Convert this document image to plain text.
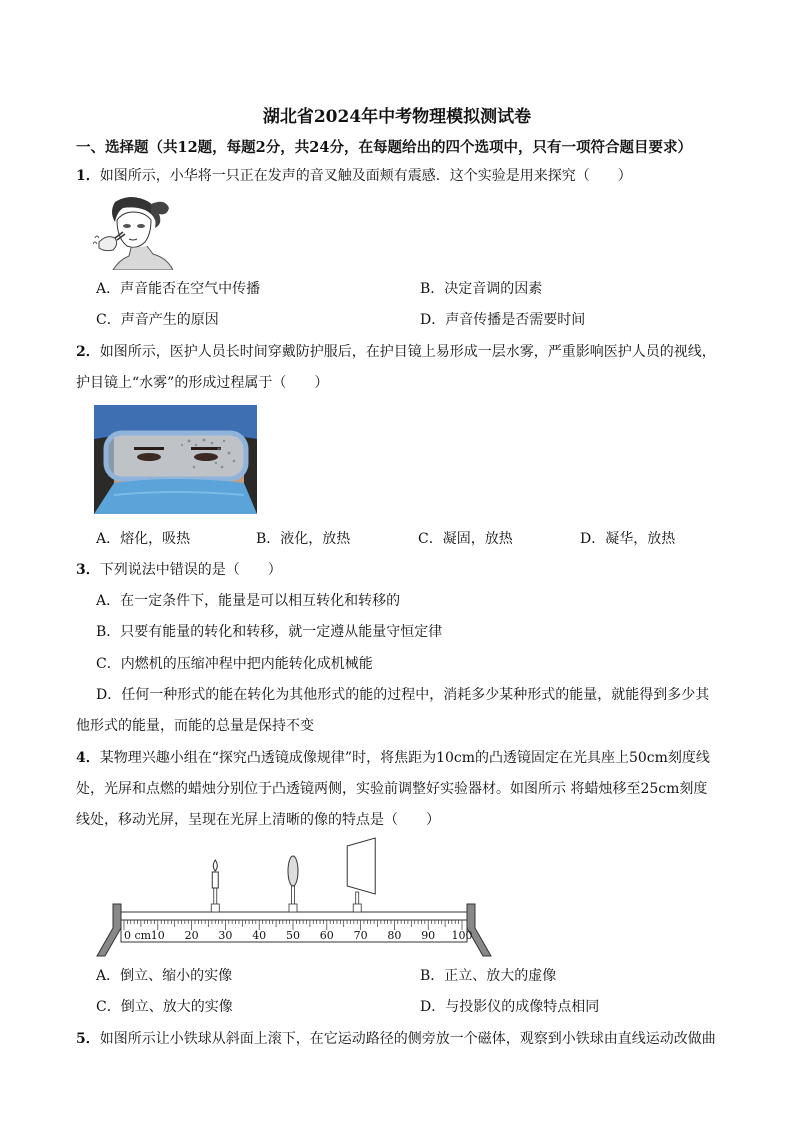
湖北省2024年中考物理模拟测试卷
一、选择题（共12题，每题2分，共24分，在每题给出的四个选项中，只有一项符合题目要求）
1．如图所示，小华将一只正在发声的音叉触及面颊有震感．这个实验是用来探究（　　）
A．声音能否在空气中传播	B．决定音调的因素
C．声音产生的原因	D．声音传播是否需要时间
2．如图所示，医护人员长时间穿戴防护服后，在护目镜上易形成一层水雾，严重影响医护人员的视线，
护目镜上“水雾”的形成过程属于（　　）
A．熔化，吸热	B．液化，放热	C．凝固，放热	D．凝华，放热
3．下列说法中错误的是（　　）
A．在一定条件下，能量是可以相互转化和转移的
B．只要有能量的转化和转移，就一定遵从能量守恒定律
C．内燃机的压缩冲程中把内能转化成机械能
D．任何一种形式的能在转化为其他形式的能的过程中，消耗多少某种形式的能量，就能得到多少其
他形式的能量，而能的总量是保持不变
4．某物理兴趣小组在“探究凸透镜成像规律”时，将焦距为10cm的凸透镜固定在光具座上50cm刻度线
处，光屏和点燃的蜡烛分别位于凸透镜两侧，实验前调整好实验器材。如图所示 将蜡烛移至25cm刻度
线处，移动光屏，呈现在光屏上清晰的像的特点是（　　）
0 cm 10 20 30 40 50 60 70 80 90 100
A．倒立、缩小的实像	B．正立、放大的虚像
C．倒立、放大的实像	D．与投影仪的成像特点相同
5．如图所示让小铁球从斜面上滚下，在它运动路径的侧旁放一个磁体，观察到小铁球由直线运动改做曲
